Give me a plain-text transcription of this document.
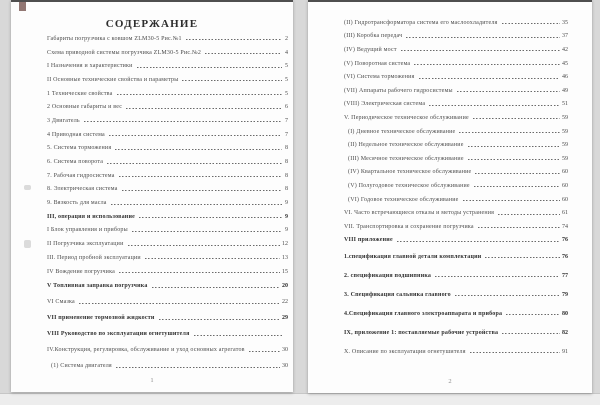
СОДЕРЖАНИЕ
Габариты погрузчика с ковшом ZLM30-5 Рис.№1	2
Схема приводной системы погрузчика ZLM30-5 Рис.№2	4
I Назначения и характеристики	5
II Основные технические свойства и параметры	5
1 Технические свойства	5
2 Основные габариты и вес	6
3 Двигатель	7
4 Приводная система	7
5. Система торможения	8
6. Система поворота	8
7. Рабочая гидросистема	8
8. Электрическая система	8
9. Вязкость для масла	9
III, операция и использование	9
I Блок управления и приборы	9
II Погрузчика эксплуатации	12
III. Период пробной эксплуатации	13
IV Вождение погрузчика	15
V Топливная заправка погрузчика	20
VI Смазка	22
VII применение тормозной жидкости	29
VIII Руководство по эксплуатации огнетушителя
IV.Конструкция, регулировка, обслуживание и уход основных агрегатов	30
(1) Система двигателя	30
1
(II) Гидротрансформатора система его маслоохладителя	35
(III) Коробка передач	37
(IV) Ведущий мост	42
(V) Поворотная система	45
(VI) Система торможения	46
(VII) Аппараты рабочего гидросистемы	49
(VIII) Электрическая система	51
V. Периодическое техническое обслуживание	59
(I) Дневное техническое обслуживание	59
(II) Недельное техническое обслуживание	59
(III) Месячное техническое обслуживание	59
(IV) Квартальное техническое обслуживание	60
(V) Полугодовое техническое обслуживание	60
(VI) Годовое техническое обслуживание	60
VI. Часто встречающиеся отказы и методы устранения	61
VII. Транспортировка и сохранение погрузчика	74
VIII приложение	76
1.спецификация главной детали комплектации	76
2. спецификация подшипника	77
3. Спецификация сальника главного	79
4.Спецификация главного электроаппарата и прибора	80
IX, приложение 1: поставляемые рабочие устройства	82
X. Описание по эксплуатации огнетушителя	91
2
